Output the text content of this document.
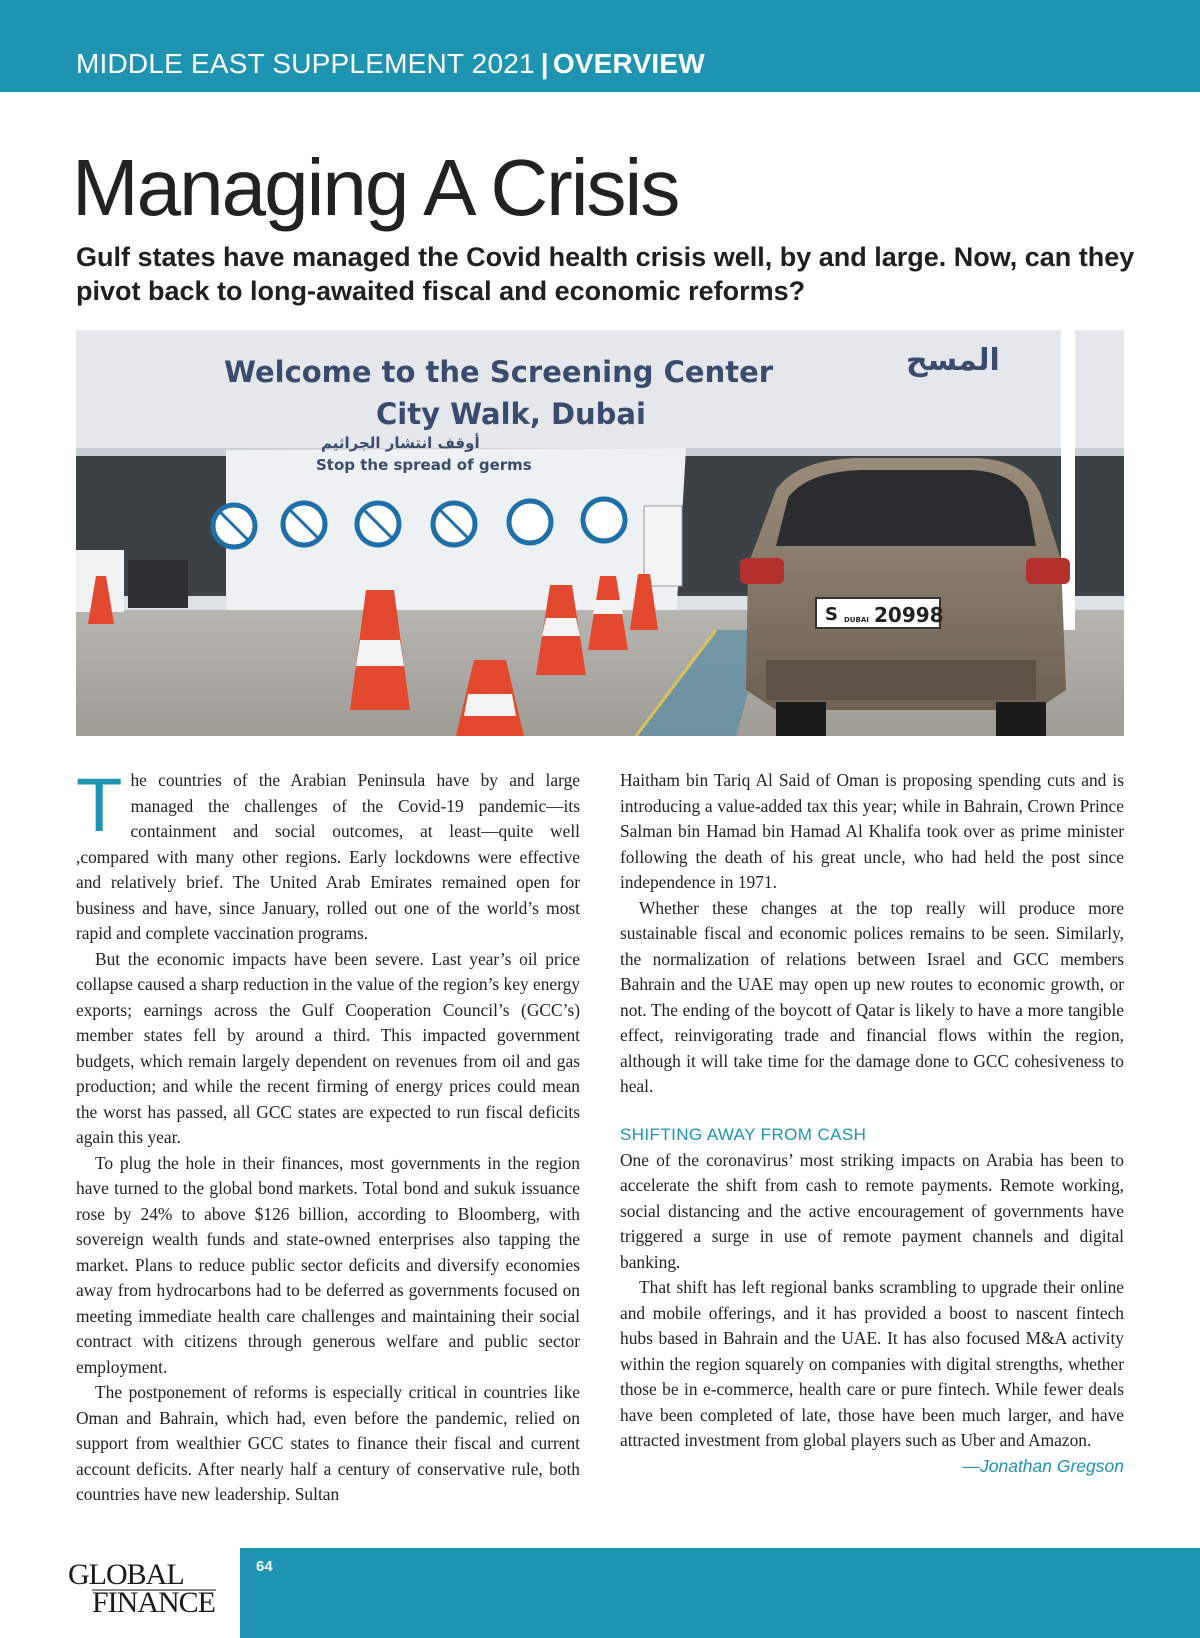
MIDDLE EAST SUPPLEMENT 2021 | OVERVIEW
Managing A Crisis
Gulf states have managed the Covid health crisis well, by and large. Now, can they pivot back to long-awaited fiscal and economic reforms?
Welcome to the Screening Center
City Walk, Dubai
المسح
أوقف انتشار الجراثيم
Stop the spread of germs
S DUBAI 20998
T he countries of the Arabian Peninsula have by and large managed the challenges of the Covid-19 pandemic—its containment and social outcomes, at least—quite well ,compared with many other regions. Early lockdowns were effective and relatively brief. The United Arab Emirates remained open for business and have, since January, rolled out one of the world’s most rapid and complete vaccination programs.

But the economic impacts have been severe. Last year’s oil price collapse caused a sharp reduction in the value of the region’s key energy exports; earnings across the Gulf Cooperation Council’s (GCC’s) member states fell by around a third. This impacted government budgets, which remain largely dependent on revenues from oil and gas production; and while the recent firming of energy prices could mean the worst has passed, all GCC states are expected to run fiscal deficits again this year.

To plug the hole in their finances, most governments in the region have turned to the global bond markets. Total bond and sukuk issuance rose by 24% to above $126 billion, according to Bloomberg, with sovereign wealth funds and state-owned enterprises also tapping the market. Plans to reduce public sector deficits and diversify economies away from hydrocarbons had to be deferred as governments focused on meeting immediate health care challenges and maintaining their social contract with citizens through generous welfare and public sector employment.

The postponement of reforms is especially critical in countries like Oman and Bahrain, which had, even before the pandemic, relied on support from wealthier GCC states to finance their fiscal and current account deficits. After nearly half a century of conservative rule, both countries have new leadership. Sultan

Haitham bin Tariq Al Said of Oman is proposing spending cuts and is introducing a value-added tax this year; while in Bahrain, Crown Prince Salman bin Hamad bin Hamad Al Khalifa took over as prime minister following the death of his great uncle, who had held the post since independence in 1971.

Whether these changes at the top really will produce more sustainable fiscal and economic polices remains to be seen. Similarly, the normalization of relations between Israel and GCC members Bahrain and the UAE may open up new routes to economic growth, or not. The ending of the boycott of Qatar is likely to have a more tangible effect, reinvigorating trade and financial flows within the region, although it will take time for the damage done to GCC cohesiveness to heal.

SHIFTING AWAY FROM CASH

One of the coronavirus’ most striking impacts on Arabia has been to accelerate the shift from cash to remote payments. Remote working, social distancing and the active encouragement of governments have triggered a surge in use of remote payment channels and digital banking.

That shift has left regional banks scrambling to upgrade their online and mobile offerings, and it has provided a boost to nascent fintech hubs based in Bahrain and the UAE. It has also focused M&A activity within the region squarely on companies with digital strengths, whether those be in e-commerce, health care or pure fintech. While fewer deals have been completed of late, those have been much larger, and have attracted investment from global players such as Uber and Amazon.

—Jonathan Gregson
GLOBAL
FINANCE
64
